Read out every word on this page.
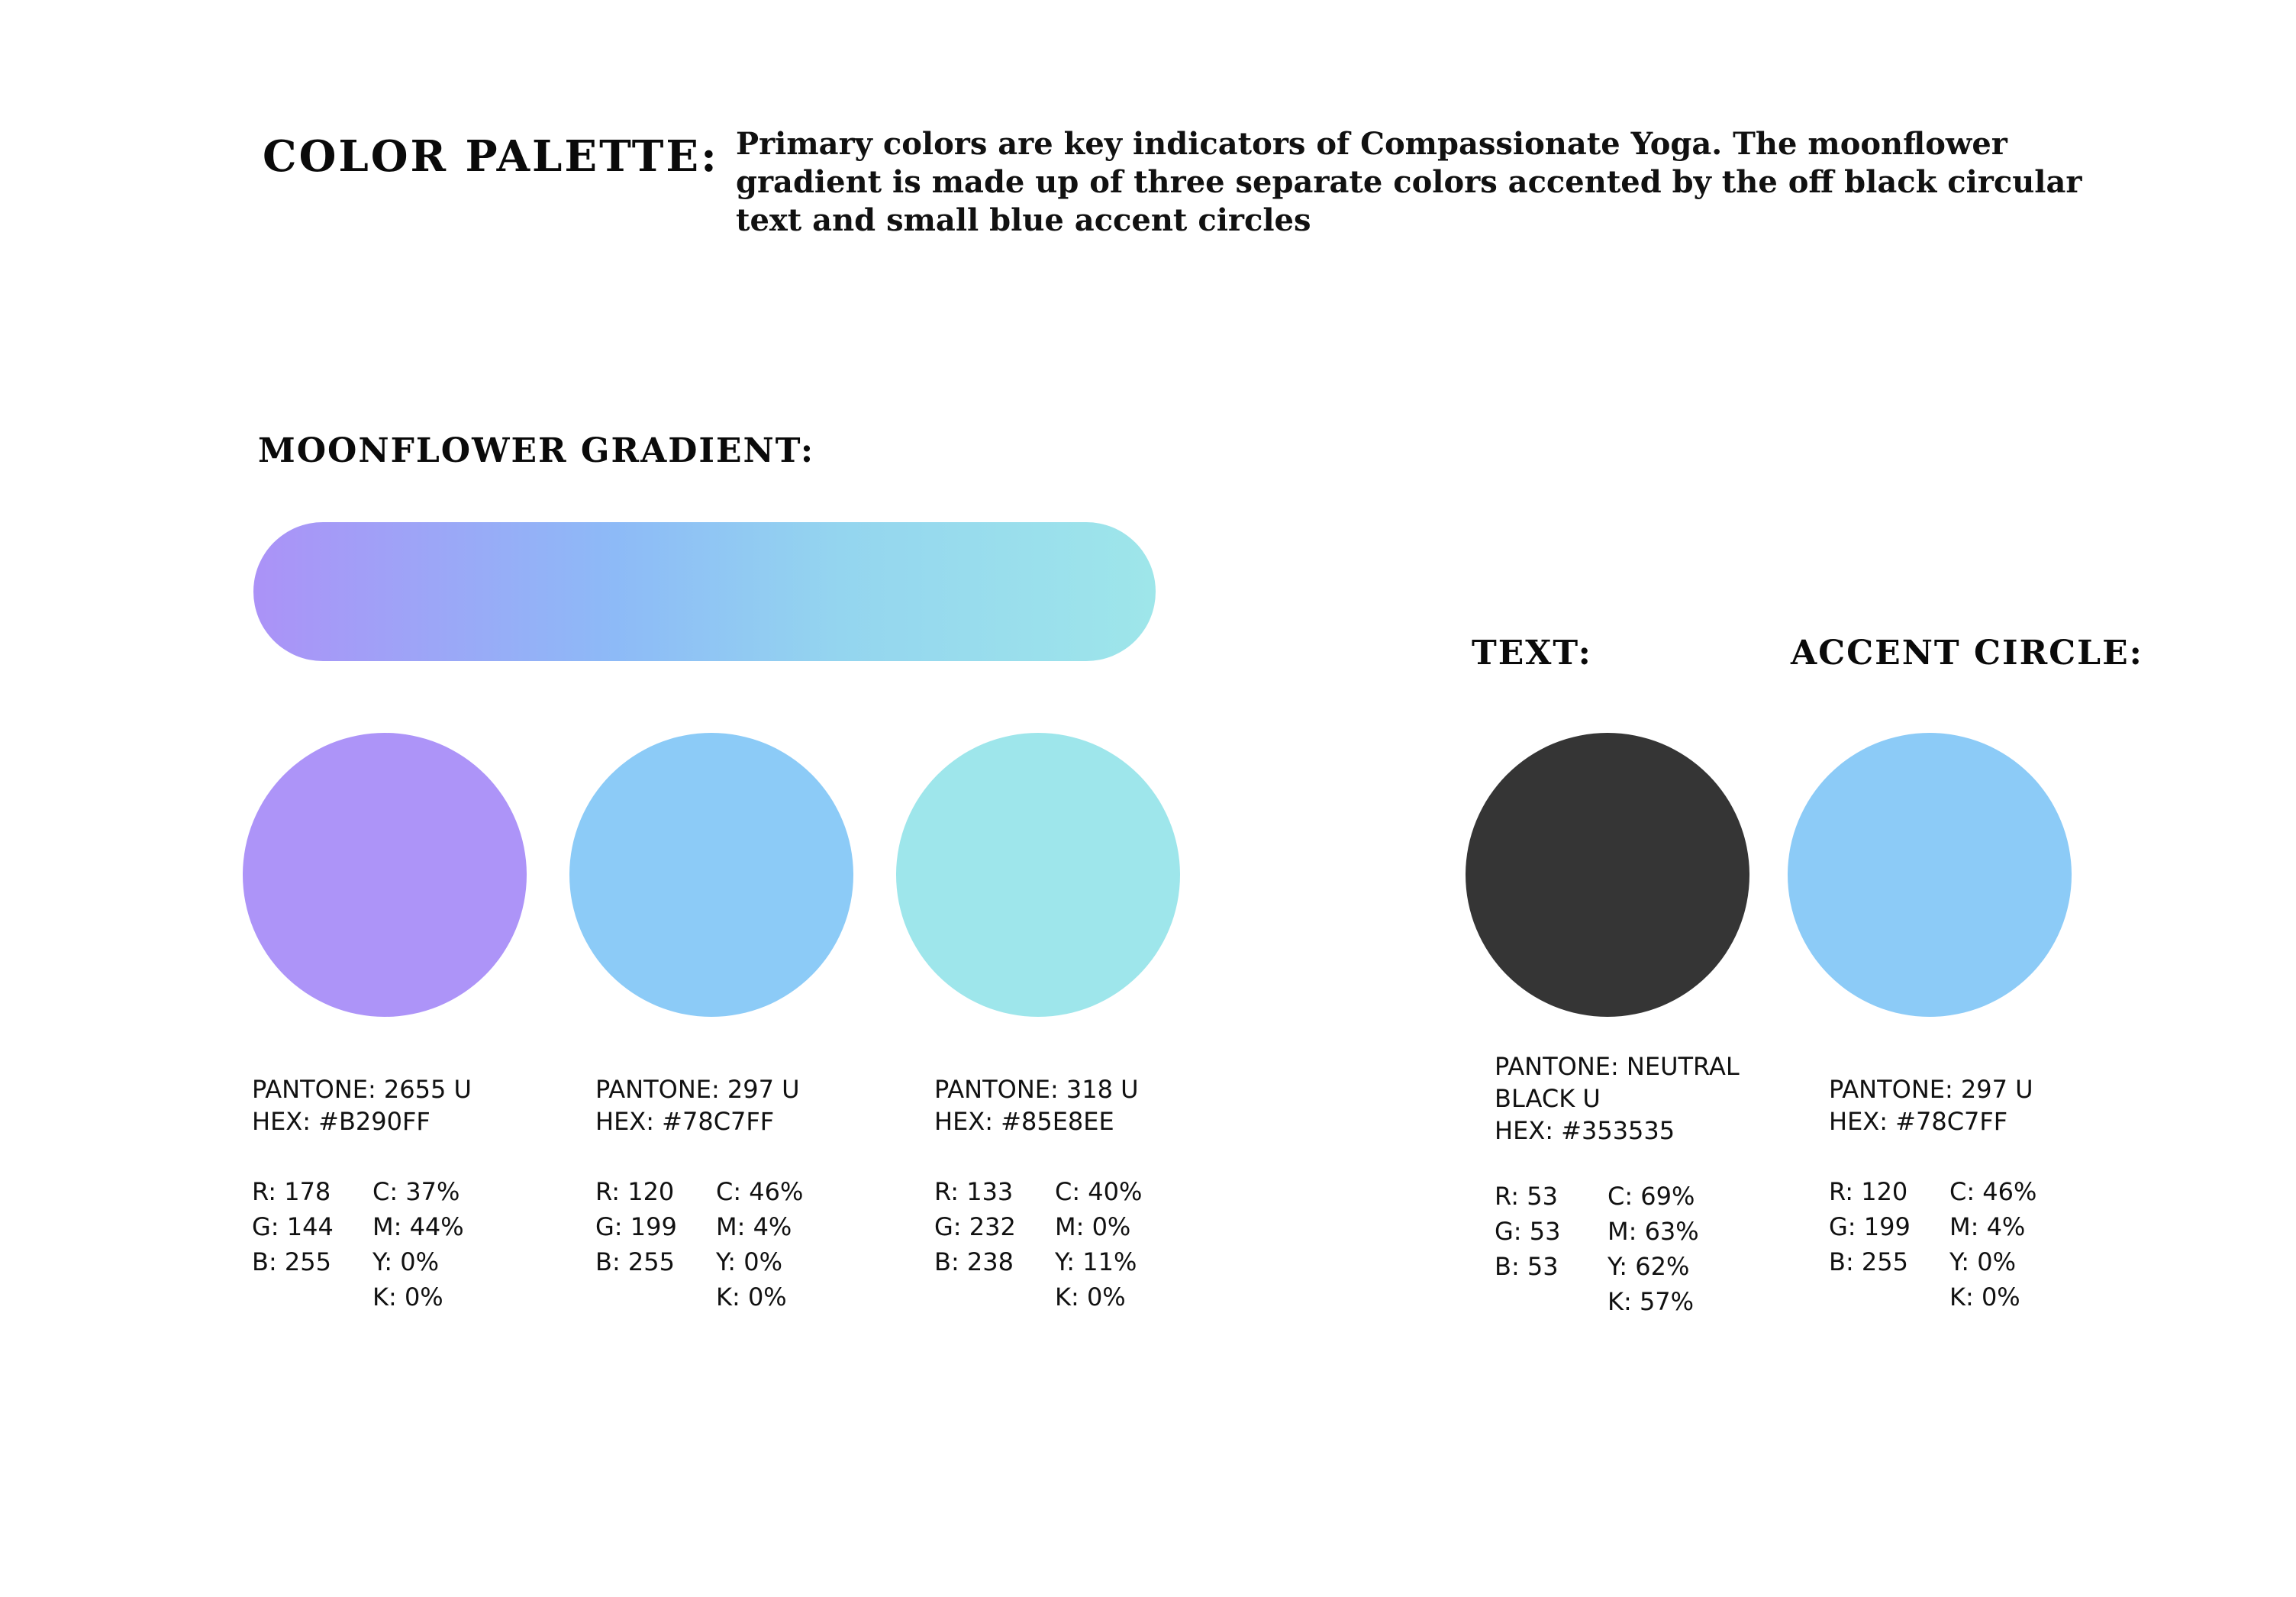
COLOR PALETTE: Primary colors are key indicators of Compassionate Yoga. The moonflower gradient is made up of three separate colors accented by the off black circular text and small blue accent circles

MOONFLOWER GRADIENT:
TEXT:	ACCENT CIRCLE:
PANTONE: 2655 U
HEX: #B290FF
R: 178
G: 144
B: 255
C: 37%
M: 44%
Y: 0%
K: 0%
PANTONE: 297 U
HEX: #78C7FF
R: 120
G: 199
B: 255
C: 46%
M: 4%
Y: 0%
K: 0%
PANTONE: 318 U
HEX: #85E8EE
R: 133
G: 232
B: 238
C: 40%
M: 0%
Y: 11%
K: 0%
PANTONE: NEUTRAL BLACK U
HEX: #353535
R: 53
G: 53
B: 53
C: 69%
M: 63%
Y: 62%
K: 57%
PANTONE: 297 U
HEX: #78C7FF
R: 120
G: 199
B: 255
C: 46%
M: 4%
Y: 0%
K: 0%
